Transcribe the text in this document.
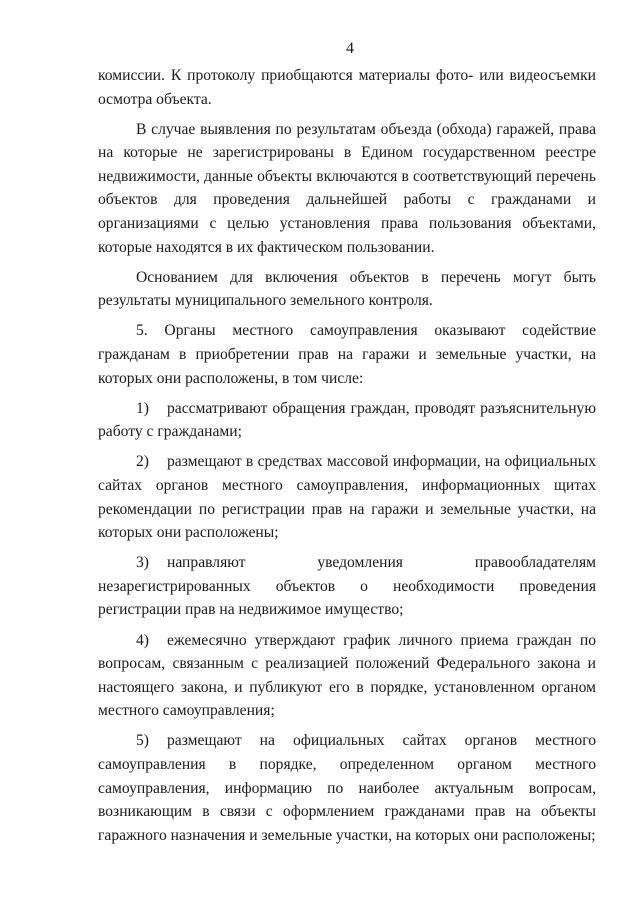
4

комиссии. К протоколу приобщаются материалы фото- или видеосъемки осмотра объекта.

В случае выявления по результатам объезда (обхода) гаражей, права на которые не зарегистрированы в Едином государственном реестре недвижимости, данные объекты включаются в соответствующий перечень объектов для проведения дальнейшей работы с гражданами и организациями с целью установления права пользования объектами, которые находятся в их фактическом пользовании.

Основанием для включения объектов в перечень могут быть результаты муниципального земельного контроля.

5. Органы местного самоуправления оказывают содействие гражданам в приобретении прав на гаражи и земельные участки, на которых они расположены, в том числе:

1) рассматривают обращения граждан, проводят разъяснительную работу с гражданами;

2) размещают в средствах массовой информации, на официальных сайтах органов местного самоуправления, информационных щитах рекомендации по регистрации прав на гаражи и земельные участки, на которых они расположены;

3) направляют уведомления правообладателям незарегистрированных объектов о необходимости проведения регистрации прав на недвижимое имущество;

4) ежемесячно утверждают график личного приема граждан по вопросам, связанным с реализацией положений Федерального закона и настоящего закона, и публикуют его в порядке, установленном органом местного самоуправления;

5) размещают на официальных сайтах органов местного самоуправления в порядке, определенном органом местного самоуправления, информацию по наиболее актуальным вопросам, возникающим в связи с оформлением гражданами прав на объекты гаражного назначения и земельные участки, на которых они расположены;
